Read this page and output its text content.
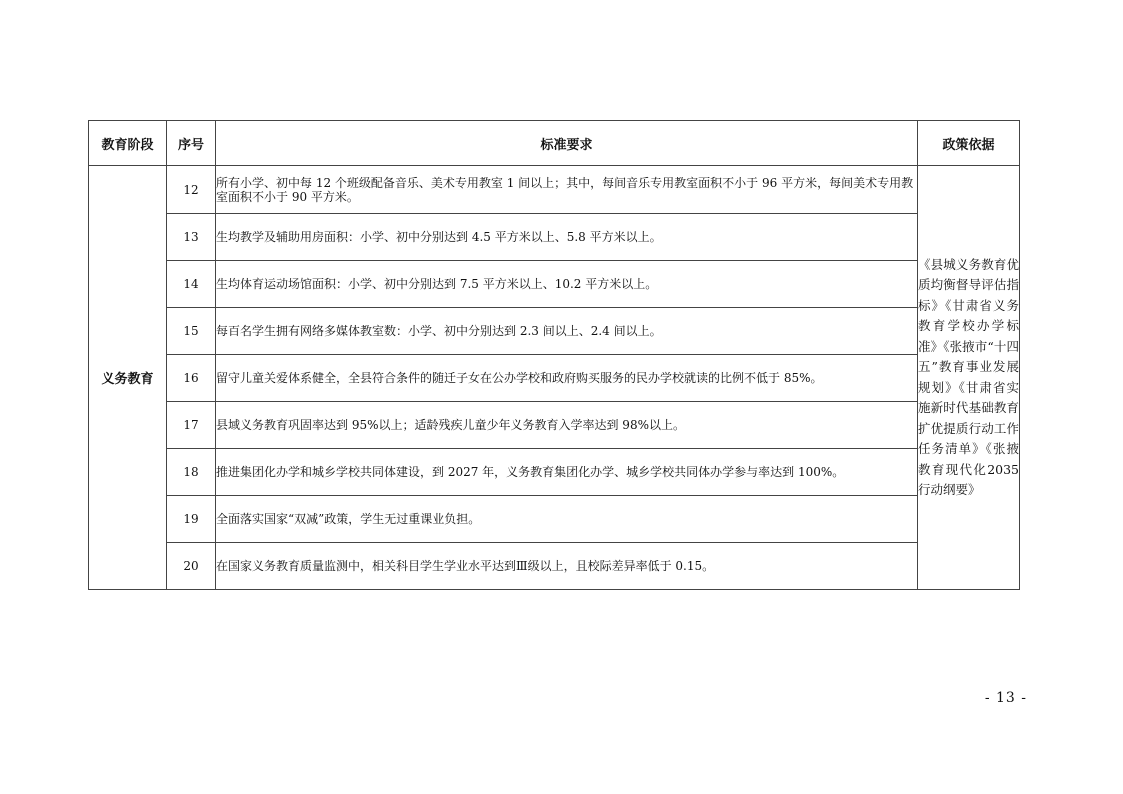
教育阶段	序号	标准要求	政策依据
义务教育	12	所有小学、初中每 12 个班级配备音乐、美术专用教室 1 间以上；其中，每间音乐专用教室面积不小于 96 平方米，每间美术专用教室面积不小于 90 平方米。	《县城义务教育优质均衡督导评估指标》《甘肃省义务教育学校办学标准》《张掖市“十四五”教育事业发展规划》《甘肃省实施新时代基础教育扩优提质行动工作任务清单》《张掖教育现代化2035 行动纲要》
	13	生均教学及辅助用房面积：小学、初中分别达到 4.5 平方米以上、5.8 平方米以上。	
	14	生均体育运动场馆面积：小学、初中分别达到 7.5 平方米以上、10.2 平方米以上。	
	15	每百名学生拥有网络多媒体教室数：小学、初中分别达到 2.3 间以上、2.4 间以上。	
	16	留守儿童关爱体系健全，全县符合条件的随迁子女在公办学校和政府购买服务的民办学校就读的比例不低于 85%。	
	17	县域义务教育巩固率达到 95%以上；适龄残疾儿童少年义务教育入学率达到 98%以上。	
	18	推进集团化办学和城乡学校共同体建设，到 2027 年，义务教育集团化办学、城乡学校共同体办学参与率达到 100%。	
	19	全面落实国家“双减”政策，学生无过重课业负担。	
	20	在国家义务教育质量监测中，相关科目学生学业水平达到Ⅲ级以上，且校际差异率低于 0.15。	
- 13 -
